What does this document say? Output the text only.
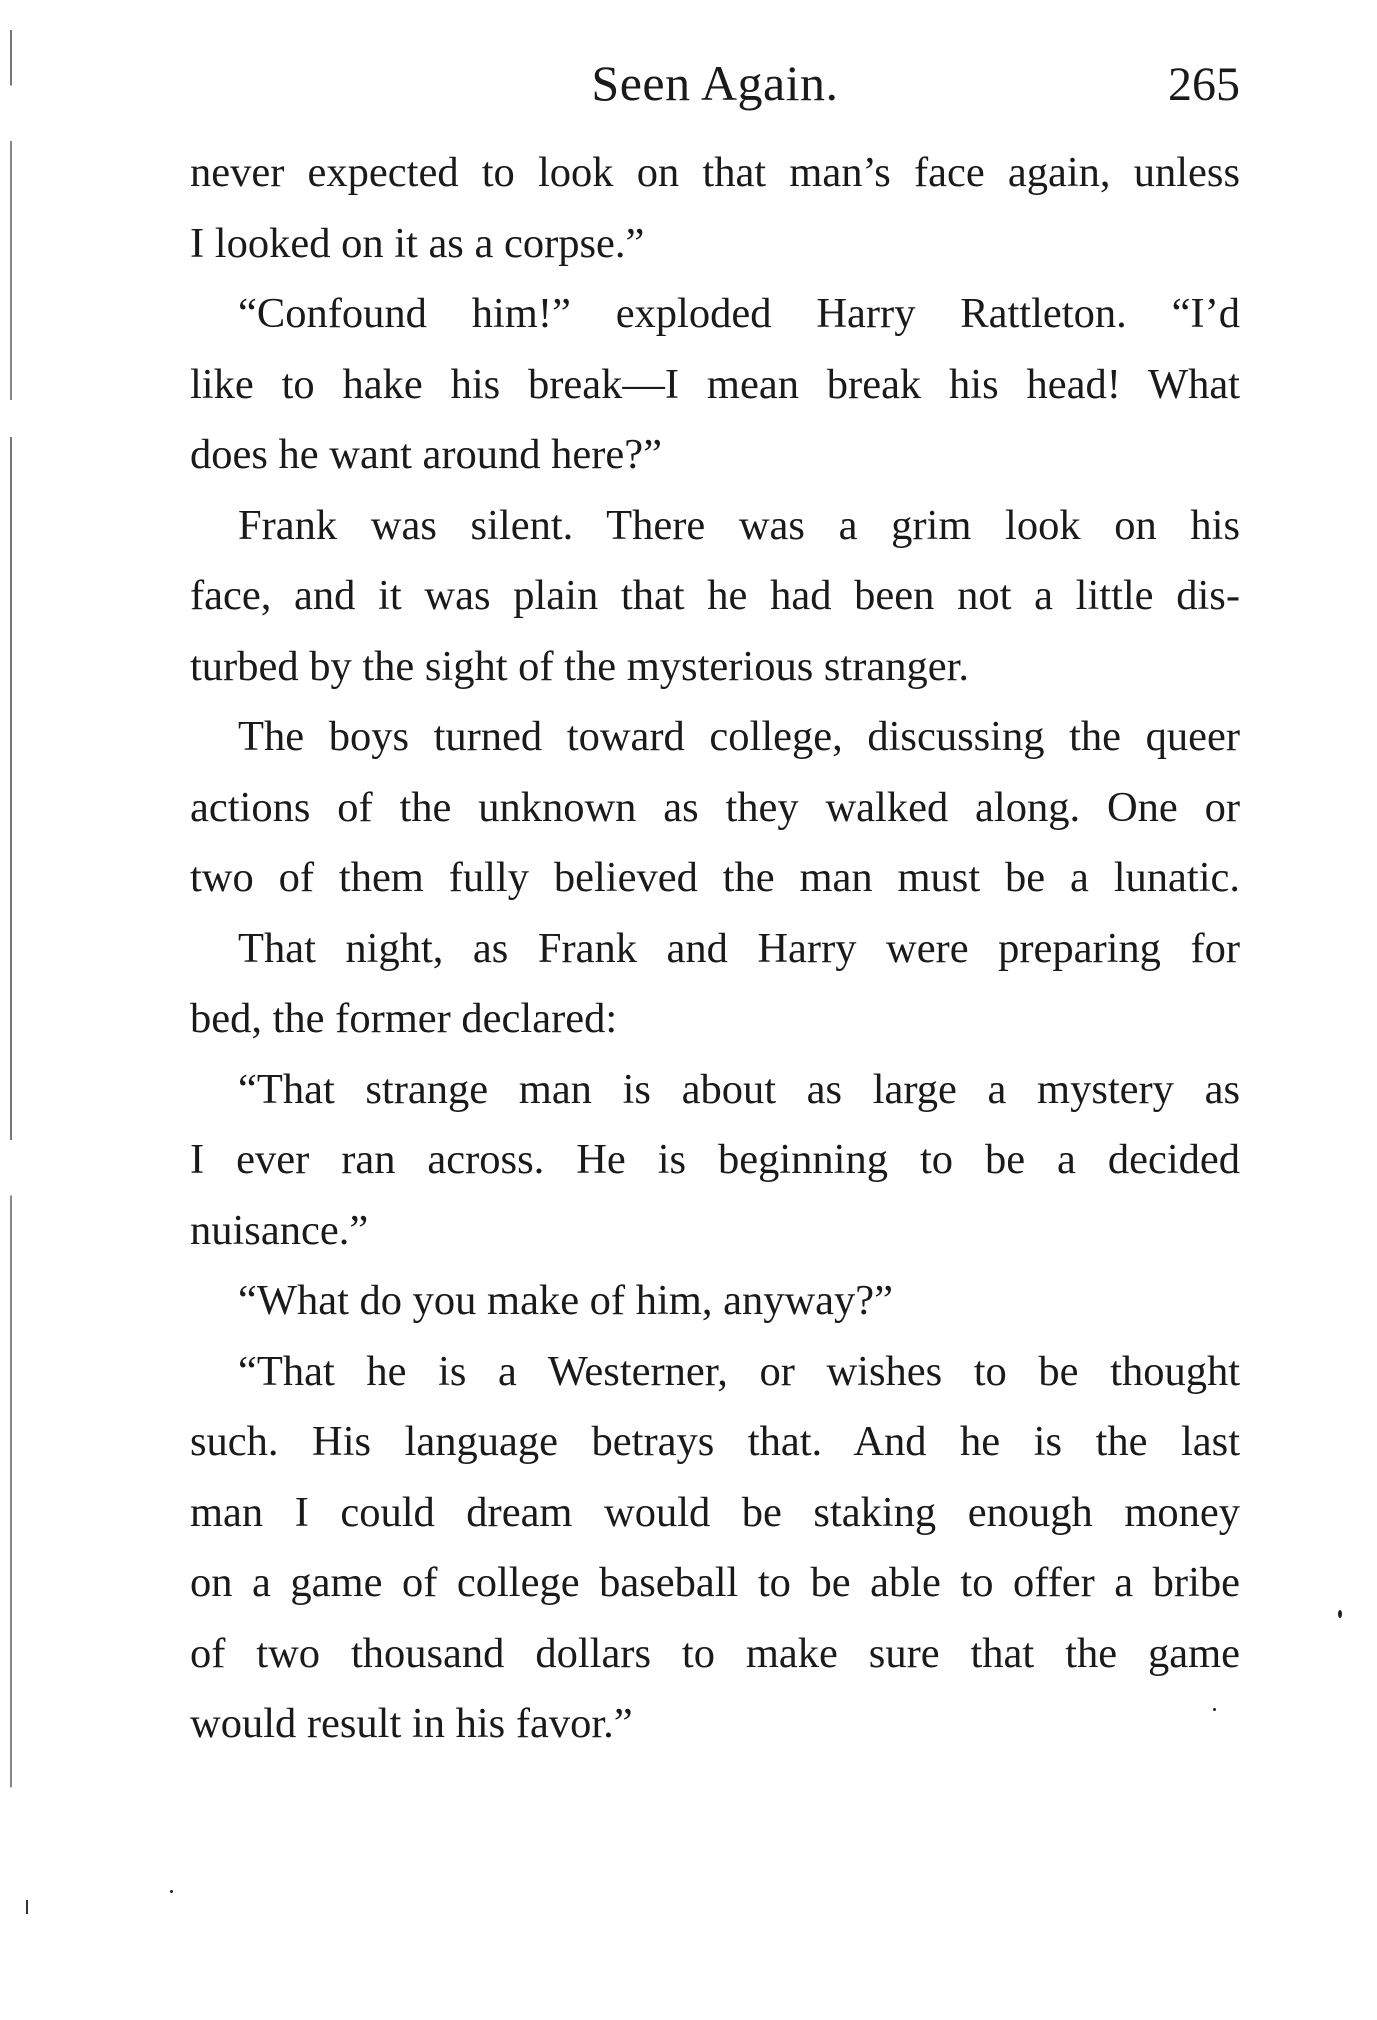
Seen Again.	265
never expected to look on that man’s face again, unless
I looked on it as a corpse.”
“Confound him!” exploded Harry Rattleton. “I’d
like to hake his break—I mean break his head! What
does he want around here?”
Frank was silent. There was a grim look on his
face, and it was plain that he had been not a little dis-
turbed by the sight of the mysterious stranger.
The boys turned toward college, discussing the queer
actions of the unknown as they walked along. One or
two of them fully believed the man must be a lunatic.
That night, as Frank and Harry were preparing for
bed, the former declared:
“That strange man is about as large a mystery as
I ever ran across. He is beginning to be a decided
nuisance.”
“What do you make of him, anyway?”
“That he is a Westerner, or wishes to be thought
such. His language betrays that. And he is the last
man I could dream would be staking enough money
on a game of college baseball to be able to offer a bribe
of two thousand dollars to make sure that the game
would result in his favor.”
